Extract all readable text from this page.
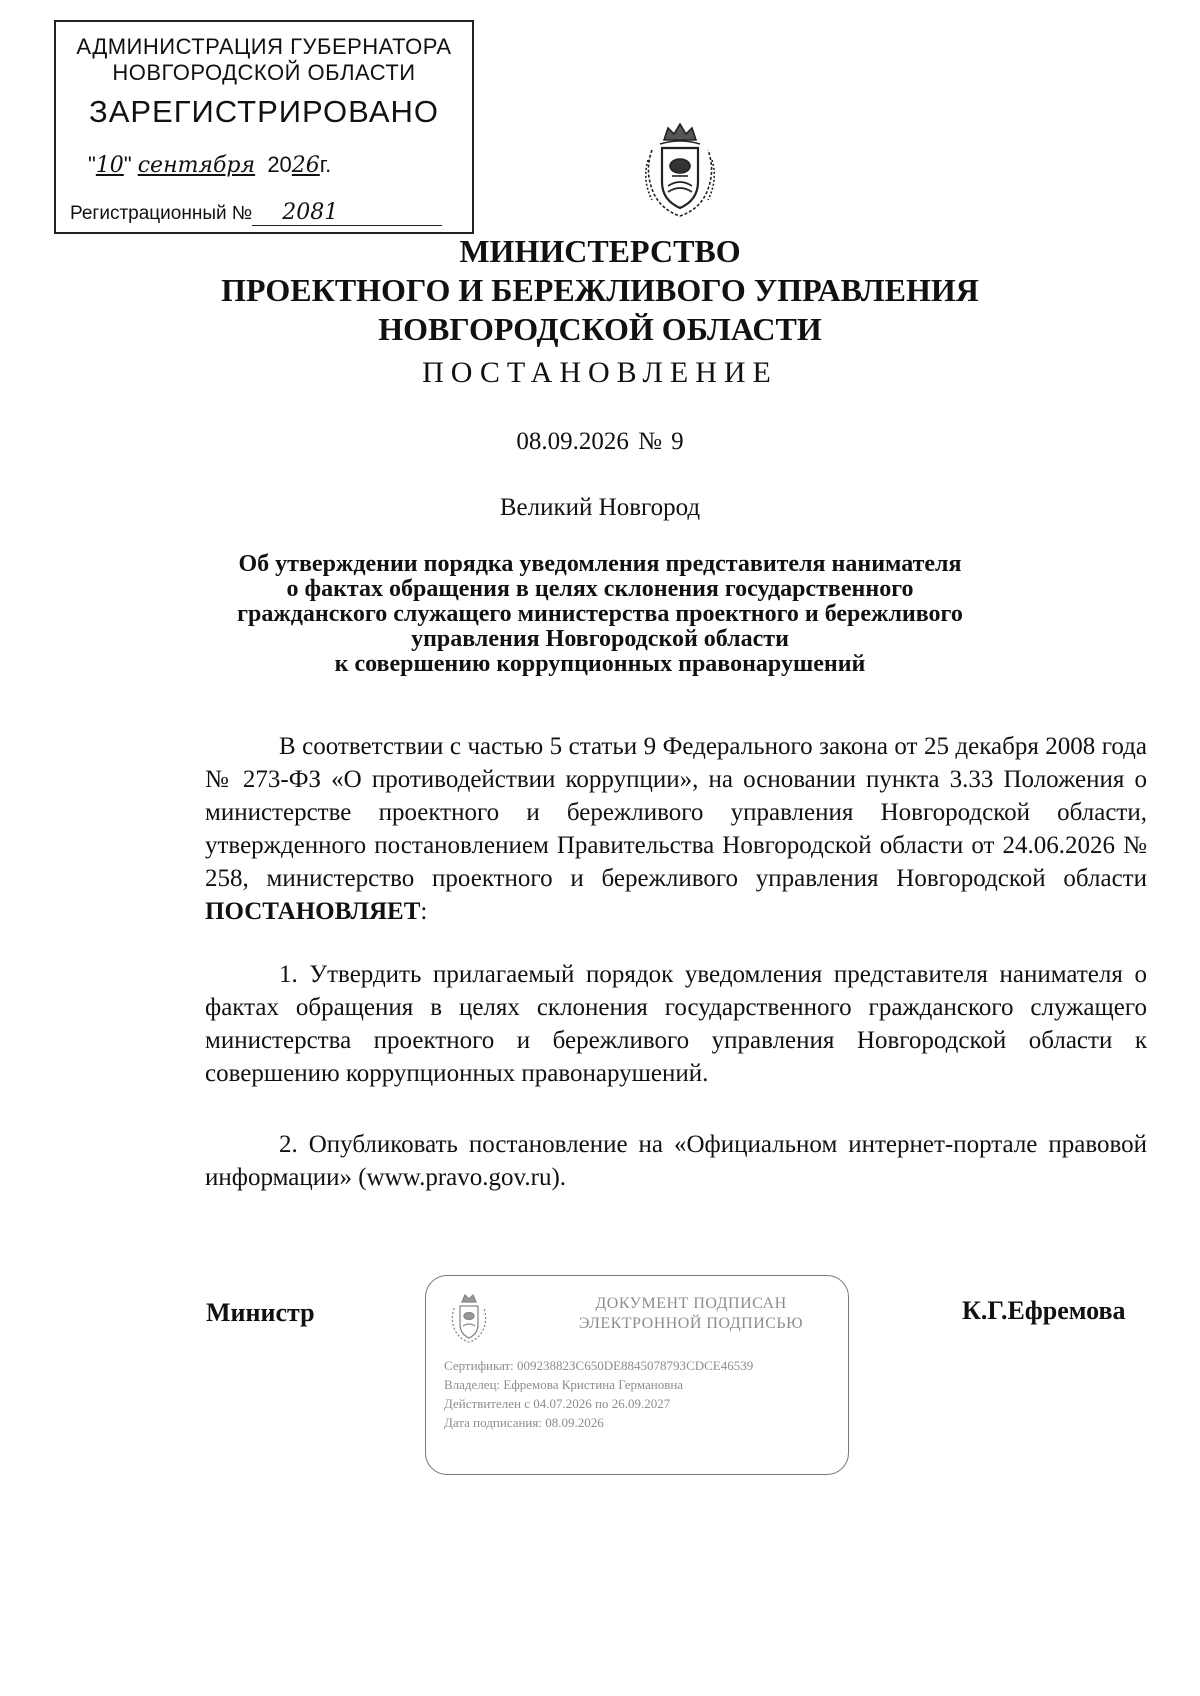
АДМИНИСТРАЦИЯ ГУБЕРНАТОРА
НОВГОРОДСКОЙ ОБЛАСТИ
ЗАРЕГИСТРИРОВАНО
"10" сентября 2026г.
Регистрационный № 2081
МИНИСТЕРСТВО
ПРОЕКТНОГО И БЕРЕЖЛИВОГО УПРАВЛЕНИЯ
НОВГОРОДСКОЙ ОБЛАСТИ
ПОСТАНОВЛЕНИЕ
08.09.2026 № 9
Великий Новгород
Об утверждении порядка уведомления представителя нанимателя
о фактах обращения в целях склонения государственного
гражданского служащего министерства проектного и бережливого
управления Новгородской области
к совершению коррупционных правонарушений
В соответствии с частью 5 статьи 9 Федерального закона от 25 декабря 2008 года № 273-ФЗ «О противодействии коррупции», на основании пункта 3.33 Положения о министерстве проектного и бережливого управления Новгородской области, утвержденного постановлением Правительства Новгородской области от 24.06.2026 № 258, министерство проектного и бережливого управления Новгородской области ПОСТАНОВЛЯЕТ:
1. Утвердить прилагаемый порядок уведомления представителя нанимателя о фактах обращения в целях склонения государственного гражданского служащего министерства проектного и бережливого управления Новгородской области к совершению коррупционных правонарушений.
2. Опубликовать постановление на «Официальном интернет-портале правовой информации» (www.pravo.gov.ru).
Министр	К.Г.Ефремова
ДОКУМЕНТ ПОДПИСАН
ЭЛЕКТРОННОЙ ПОДПИСЬЮ
Сертификат: 00923882ЗС650DE884507879ЗСDCE46539
Владелец: Ефремова Кристина Германовна
Действителен с 04.07.2026 по 26.09.2027
Дата подписания: 08.09.2026
